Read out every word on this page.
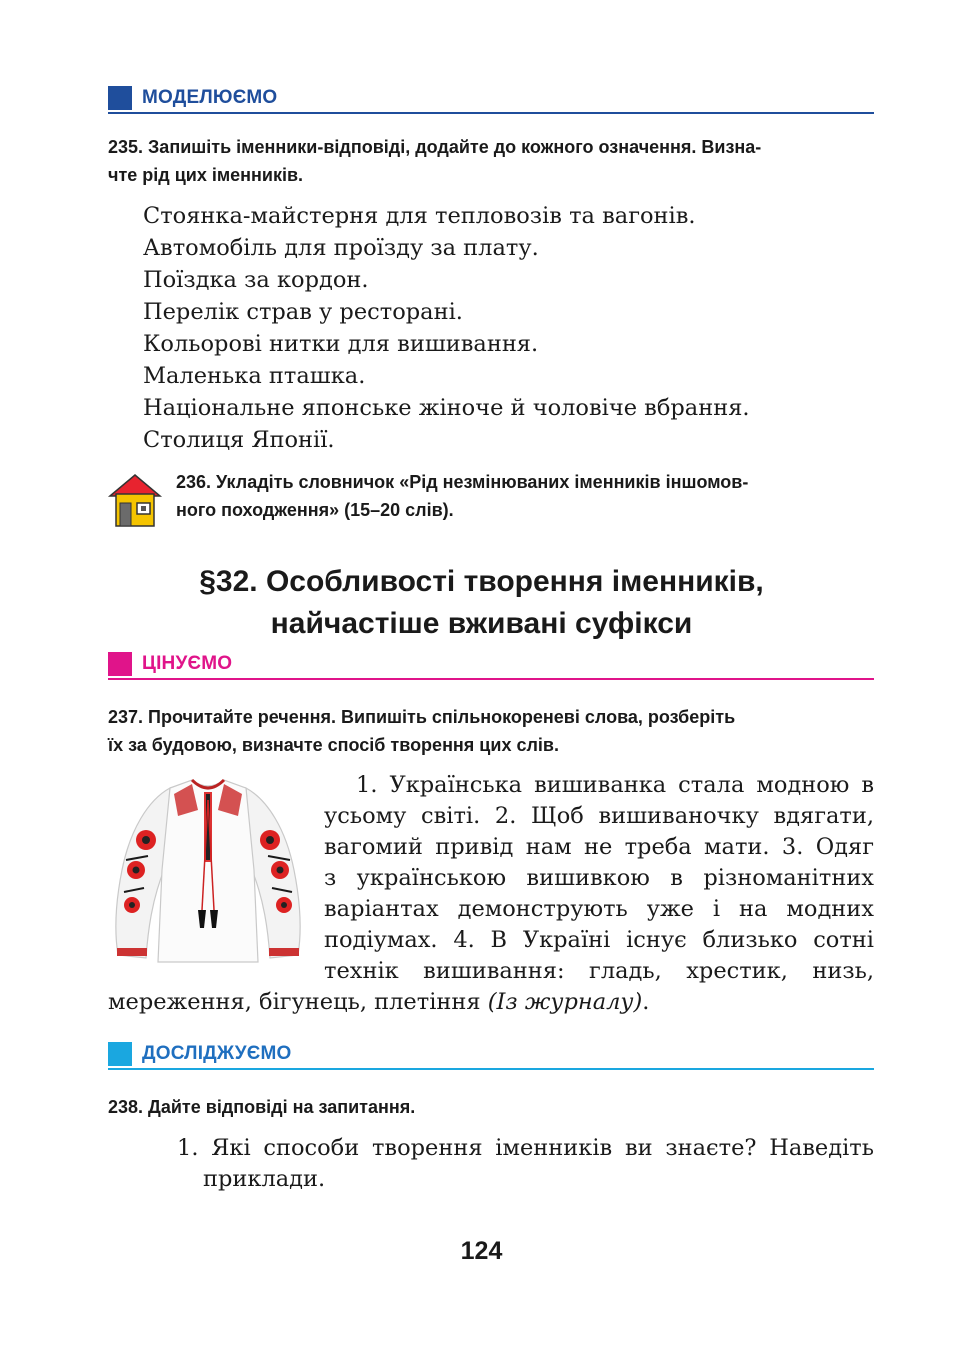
МОДЕЛЮЄМО
235. Запишіть іменники-відповіді, додайте до кожного означення. Визна-
чте рід цих іменників.
Стоянка-майстерня для тепловозів та вагонів.
Автомобіль для проїзду за плату.
Поїздка за кордон.
Перелік страв у ресторані.
Кольорові нитки для вишивання.
Маленька пташка.
Національне японське жіноче й чоловіче вбрання.
Столиця Японії.
236. Укладіть словничок «Рід незмінюваних іменників іншомов-
ного походження» (15–20 слів).
§32. Особливості творення іменників,
найчастіше вживані суфікси
ЦІНУЄМО
237. Прочитайте речення. Випишіть спільнокореневі слова, розберіть
їх за будовою, визначте спосіб творення цих слів.
1. Українська вишиванка стала модною в
усьому світі. 2. Щоб вишиваночку вдягати,
вагомий привід нам не треба мати. 3. Одяг
з українською вишивкою в різноманітних
варіантах демонструють уже і на модних
подіумах. 4. В Україні існує близько сотні
технік вишивання: гладь, хрестик, низь,
мереження, бігунець, плетіння (Із журналу).
ДОСЛІДЖУЄМО
238. Дайте відповіді на запитання.
1. Які способи творення іменників ви знаєте? Наведіть
приклади.
124
